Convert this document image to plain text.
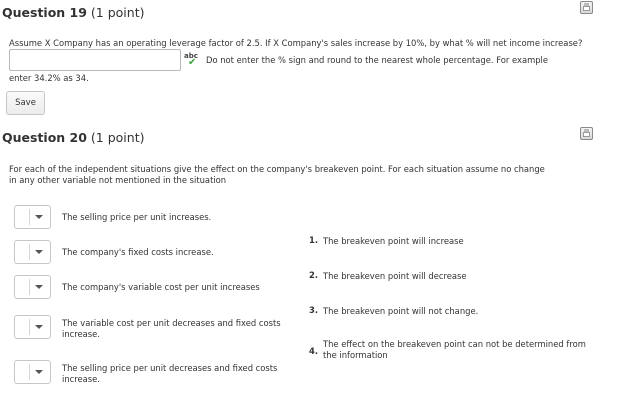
Question 19 (1 point)
Assume X Company has an operating leverage factor of 2.5. If X Company's sales increase by 10%, by what % will net income increase?
abc
✔ Do not enter the % sign and round to the nearest whole percentage. For example
enter 34.2% as 34.
Save
Question 20 (1 point)
For each of the independent situations give the effect on the company's breakeven point. For each situation assume no change
in any other variable not mentioned in the situation
The selling price per unit increases.
The company's fixed costs increase.
The company's variable cost per unit increases
The variable cost per unit decreases and fixed costs increase.
The selling price per unit decreases and fixed costs increase.
1. The breakeven point will increase
2. The breakeven point will decrease
3. The breakeven point will not change.
4.
The effect on the breakeven point can not be determined from the information
